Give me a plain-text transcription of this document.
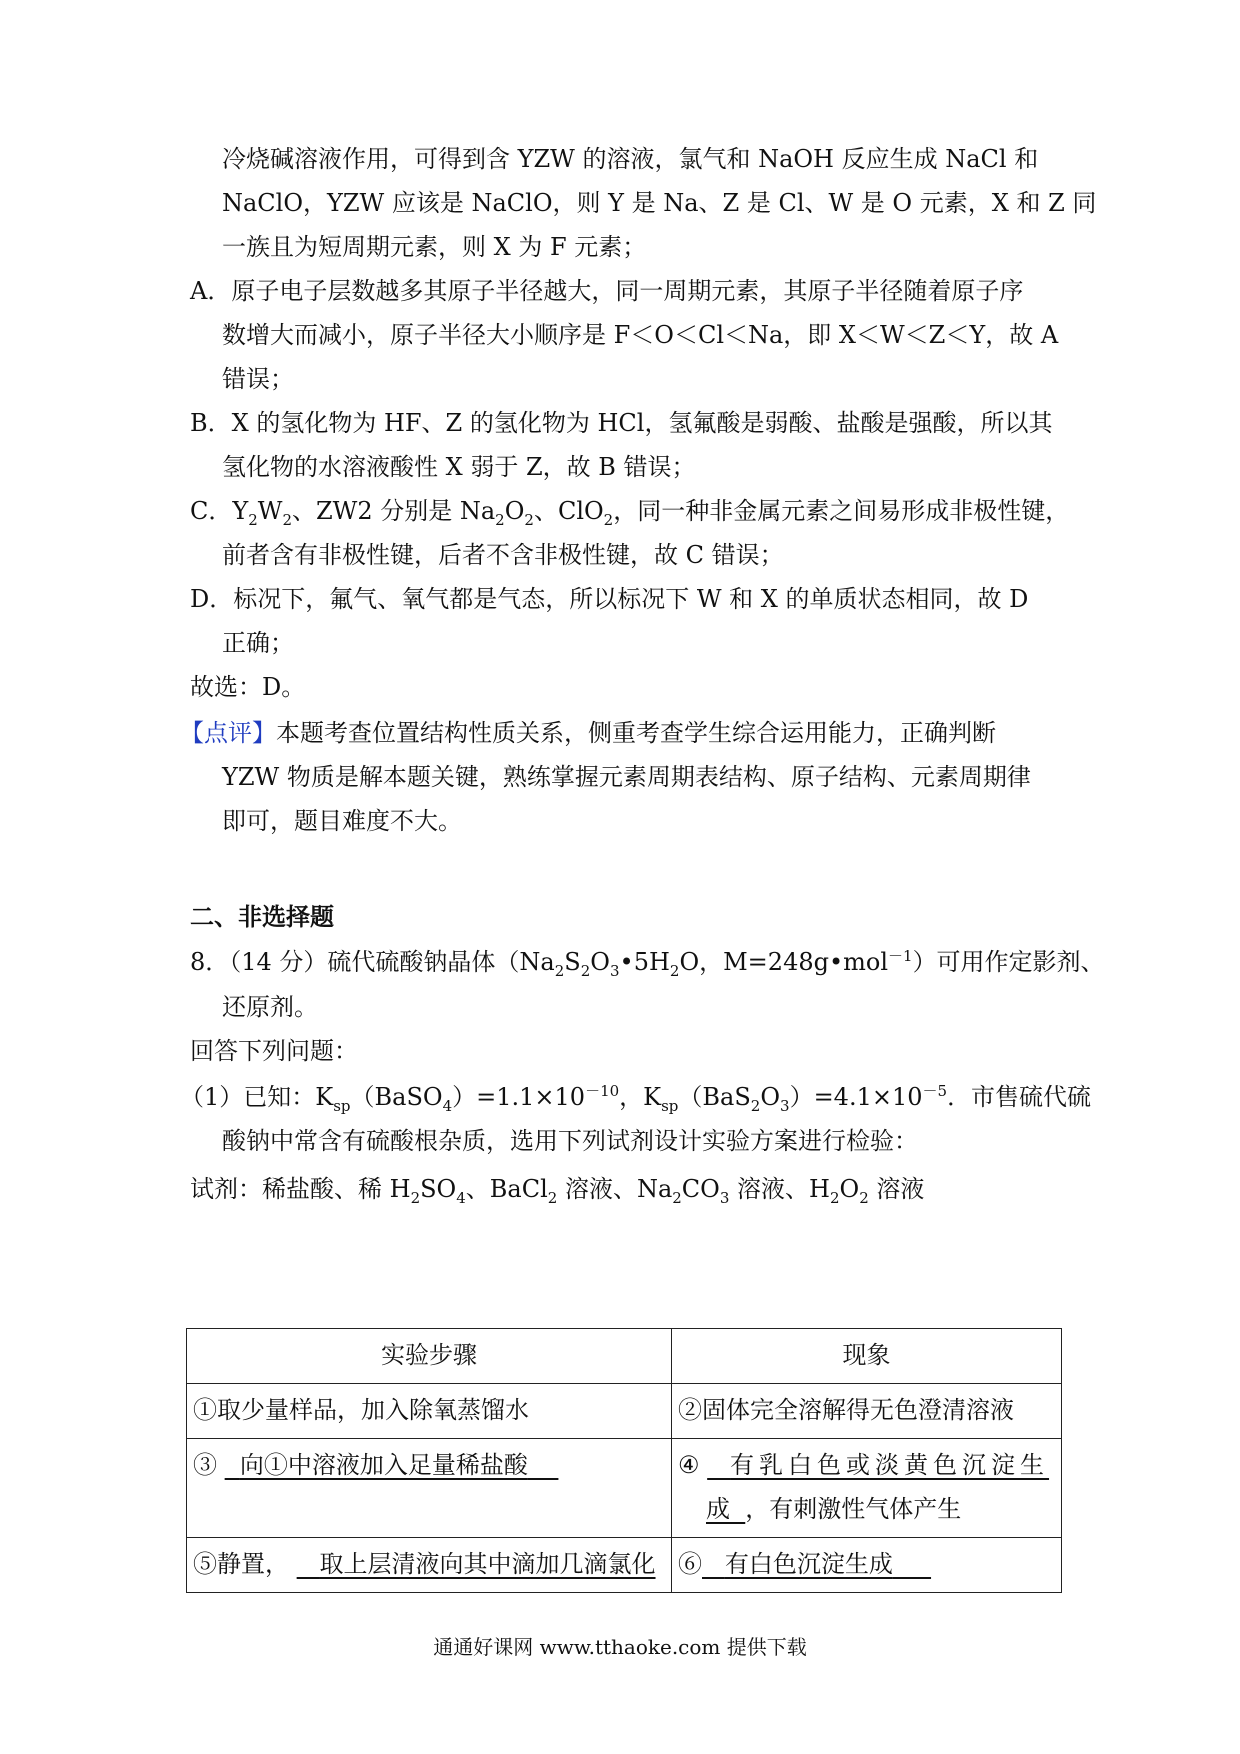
冷烧碱溶液作用，可得到含 YZW 的溶液，氯气和 NaOH 反应生成 NaCl 和
NaClO，YZW 应该是 NaClO，则 Y 是 Na、Z 是 Cl、W 是 O 元素，X 和 Z 同
一族且为短周期元素，则 X 为 F 元素；
A．原子电子层数越多其原子半径越大，同一周期元素，其原子半径随着原子序
数增大而减小，原子半径大小顺序是 F＜O＜Cl＜Na，即 X＜W＜Z＜Y，故 A
错误；
B．X 的氢化物为 HF、Z 的氢化物为 HCl，氢氟酸是弱酸、盐酸是强酸，所以其
氢化物的水溶液酸性 X 弱于 Z，故 B 错误；
C．$Y_2W_2$、ZW2 分别是 $Na_2O_2$、ClO$_2$，同一种非金属元素之间易形成非极性键，
前者含有非极性键，后者不含非极性键，故 C 错误；
D．标况下，氟气、氧气都是气态，所以标况下 W 和 X 的单质状态相同，故 D
正确；
故选：D。
【点评】本题考查位置结构性质关系，侧重考查学生综合运用能力，正确判断
YZW 物质是解本题关键，熟练掌握元素周期表结构、原子结构、元素周期律
即可，题目难度不大。
二、非选择题
8．（14 分）硫代硫酸钠晶体（$Na_2S_2O_3•5H_2O$，M=248g•mol$^{-1}$）可用作定影剂、
还原剂。
回答下列问题：
（1）已知：$K_{sp}(BaSO_4)=1.1\times 10^{-10}$，$K_{sp}(BaS_2O_3)=4.1\times 10^{-5}$．市售硫代硫
酸钠中常含有硫酸根杂质，选用下列试剂设计实验方案进行检验：
试剂：稀盐酸、稀 $H_2SO_4$、BaCl$_2$ 溶液、$Na_2CO_3$ 溶液、$H_2O_2$ 溶液
实验步骤	现象
①取少量样品，加入除氧蒸馏水	②固体完全溶解得无色澄清溶液
③ 向①中溶液加入足量稀盐酸	④ 有乳白色或淡黄色沉淀生
成 ，有刺激性气体产生

⑤静置， 取上层清液向其中滴加几滴氯化	⑥ 有白色沉淀生成
通通好课网 www.tthaoke.com 提供下载
